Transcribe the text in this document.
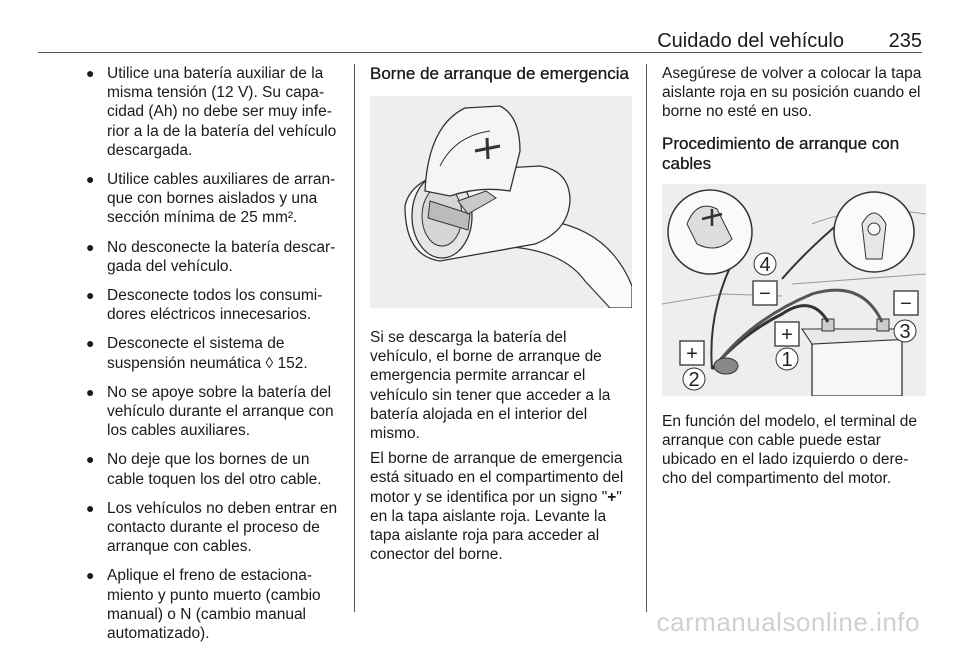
Cuidado del vehículo 235
● Utilice una batería auxiliar de la misma tensión (12 V). Su capacidad (Ah) no debe ser muy inferior a la de la batería del vehículo descargada.
● Utilice cables auxiliares de arranque con bornes aislados y una sección mínima de 25 mm².
● No desconecte la batería descargada del vehículo.
● Desconecte todos los consumidores eléctricos innecesarios.
● Desconecte el sistema de suspensión neumática ◊ 152.
● No se apoye sobre la batería del vehículo durante el arranque con los cables auxiliares.
● No deje que los bornes de un cable toquen los del otro cable.
● Los vehículos no deben entrar en contacto durante el proceso de arranque con cables.
● Aplique el freno de estacionamiento y punto muerto (cambio manual) o N (cambio manual automatizado).
Borne de arranque de emergencia

Si se descarga la batería del vehículo, el borne de arranque de emergencia permite arrancar el vehículo sin tener que acceder a la batería alojada en el interior del mismo.

El borne de arranque de emergencia está situado en el compartimento del motor y se identifica por un signo "+" en la tapa aislante roja. Levante la tapa aislante roja para acceder al conector del borne.

Asegúrese de volver a colocar la tapa aislante roja en su posición cuando el borne no esté en uso.

Procedimiento de arranque con cables
4
−
+
1
+
2
−
3

En función del modelo, el terminal de arranque con cable puede estar ubicado en el lado izquierdo o derecho del compartimento del motor.

carmanualsonline.info
